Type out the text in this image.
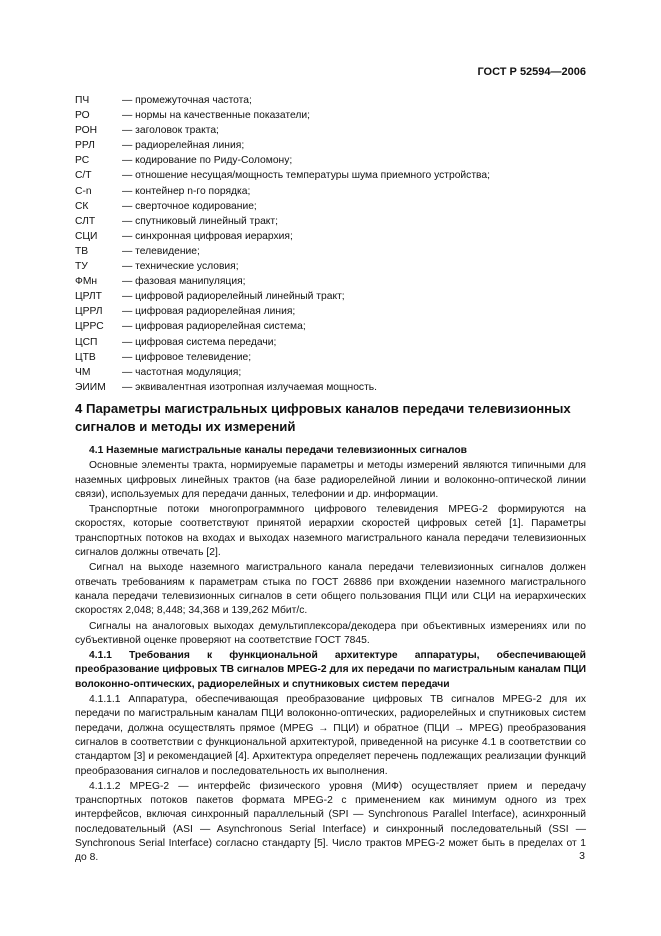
ГОСТ Р 52594—2006
ПЧ	— промежуточная частота;
РО	— нормы на качественные показатели;
РОН	— заголовок тракта;
РРЛ	— радиорелейная линия;
РС	— кодирование по Риду-Соломону;
С/Т	— отношение несущая/мощность температуры шума приемного устройства;
С-n	— контейнер n-го порядка;
СК	— сверточное кодирование;
СЛТ	— спутниковый линейный тракт;
СЦИ	— синхронная цифровая иерархия;
ТВ	— телевидение;
ТУ	— технические условия;
ФМн	— фазовая манипуляция;
ЦРЛТ	— цифровой радиорелейный линейный тракт;
ЦРРЛ	— цифровая радиорелейная линия;
ЦРРС	— цифровая радиорелейная система;
ЦСП	— цифровая система передачи;
ЦТВ	— цифровое телевидение;
ЧМ	— частотная модуляция;
ЭИИМ	— эквивалентная изотропная излучаемая мощность.
4 Параметры магистральных цифровых каналов передачи телевизионных сигналов и методы их измерений

4.1 Наземные магистральные каналы передачи телевизионных сигналов

Основные элементы тракта, нормируемые параметры и методы измерений являются типичными для наземных цифровых линейных трактов (на базе радиорелейной линии и волоконно-оптической линии связи), используемых для передачи данных, телефонии и др. информации.

Транспортные потоки многопрограммного цифрового телевидения MPEG-2 формируются на скоростях, которые соответствуют принятой иерархии скоростей цифровых сетей [1]. Параметры транспортных потоков на входах и выходах наземного магистрального канала передачи телевизионных сигналов должны отвечать [2].

Сигнал на выходе наземного магистрального канала передачи телевизионных сигналов должен отвечать требованиям к параметрам стыка по ГОСТ 26886 при вхождении наземного магистрального канала передачи телевизионных сигналов в сети общего пользования ПЦИ или СЦИ на иерархических скоростях 2,048; 8,448; 34,368 и 139,262 Мбит/с.

Сигналы на аналоговых выходах демультиплексора/декодера при объективных измерениях или по субъективной оценке проверяют на соответствие ГОСТ 7845.

4.1.1 Требования к функциональной архитектуре аппаратуры, обеспечивающей преобразование цифровых ТВ сигналов MPEG-2 для их передачи по магистральным каналам ПЦИ волоконно-оптических, радиорелейных и спутниковых систем передачи

4.1.1.1 Аппаратура, обеспечивающая преобразование цифровых ТВ сигналов MPEG-2 для их передачи по магистральным каналам ПЦИ волоконно-оптических, радиорелейных и спутниковых систем передачи, должна осуществлять прямое (MPEG → ПЦИ) и обратное (ПЦИ → MPEG) преобразования сигналов в соответствии с функциональной архитектурой, приведенной на рисунке 4.1 в соответствии со стандартом [3] и рекомендацией [4]. Архитектура определяет перечень подлежащих реализации функций преобразования сигналов и последовательность их выполнения.

4.1.1.2 MPEG-2 — интерфейс физического уровня (МИФ) осуществляет прием и передачу транспортных потоков пакетов формата MPEG-2 с применением как минимум одного из трех интерфейсов, включая синхронный параллельный (SPI — Synchronous Parallel Interface), асинхронный последовательный (ASI — Asynchronous Serial Interface) и синхронный последовательный (SSI — Synchronous Serial Interface) согласно стандарту [5]. Число трактов MPEG-2 может быть в пределах от 1 до 8.	3
